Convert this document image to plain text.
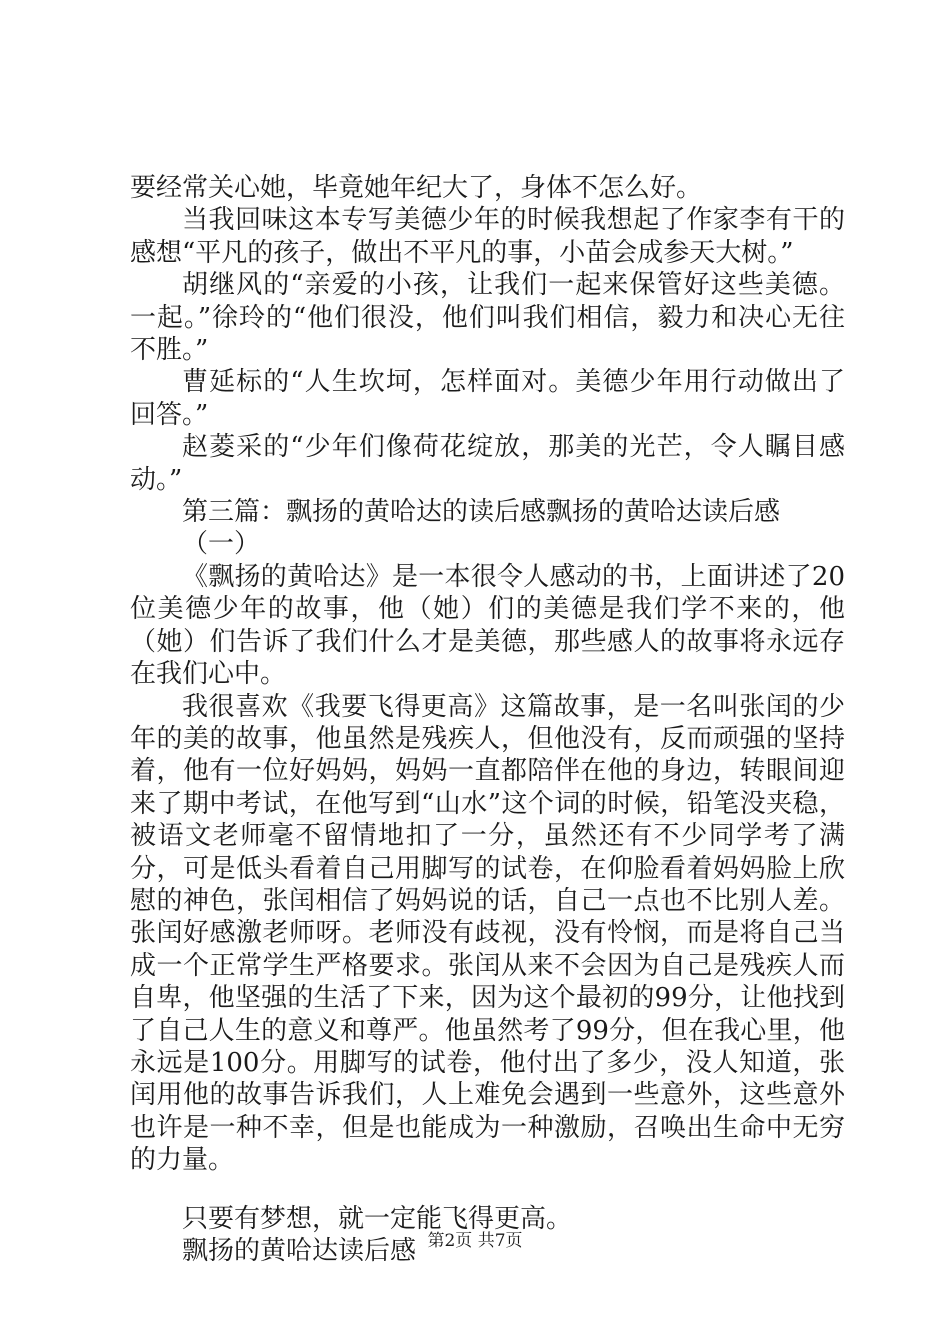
要经常关心她，毕竟她年纪大了，身体不怎么好。

当我回味这本专写美德少年的时候我想起了作家李有干的感想“平凡的孩子，做出不平凡的事，小苗会成参天大树。”

胡继风的“亲爱的小孩，让我们一起来保管好这些美德。一起。”徐玲的“他们很没，他们叫我们相信，毅力和决心无往不胜。”

曹延标的“人生坎坷，怎样面对。美德少年用行动做出了回答。”

赵菱采的“少年们像荷花绽放，那美的光芒，令人瞩目感动。”

第三篇：飘扬的黄哈达的读后感飘扬的黄哈达读后感

（一）

《飘扬的黄哈达》是一本很令人感动的书，上面讲述了20位美德少年的故事，他（她）们的美德是我们学不来的，他（她）们告诉了我们什么才是美德，那些感人的故事将永远存在我们心中。

我很喜欢《我要飞得更高》这篇故事，是一名叫张闰的少年的美的故事，他虽然是残疾人，但他没有，反而顽强的坚持着，他有一位好妈妈，妈妈一直都陪伴在他的身边，转眼间迎来了期中考试，在他写到“山水”这个词的时候，铅笔没夹稳，被语文老师毫不留情地扣了一分，虽然还有不少同学考了满分，可是低头看着自己用脚写的试卷，在仰脸看着妈妈脸上欣慰的神色，张闰相信了妈妈说的话，自己一点也不比别人差。张闰好感激老师呀。老师没有歧视，没有怜悯，而是将自己当成一个正常学生严格要求。张闰从来不会因为自己是残疾人而自卑，他坚强的生活了下来，因为这个最初的99分，让他找到了自己人生的意义和尊严。他虽然考了99分，但在我心里，他永远是100分。用脚写的试卷，他付出了多少，没人知道，张闰用他的故事告诉我们，人上难免会遇到一些意外，这些意外也许是一种不幸，但是也能成为一种激励，召唤出生命中无穷的力量。

只要有梦想，就一定能飞得更高。

飘扬的黄哈达读后感 第2页 共7页
